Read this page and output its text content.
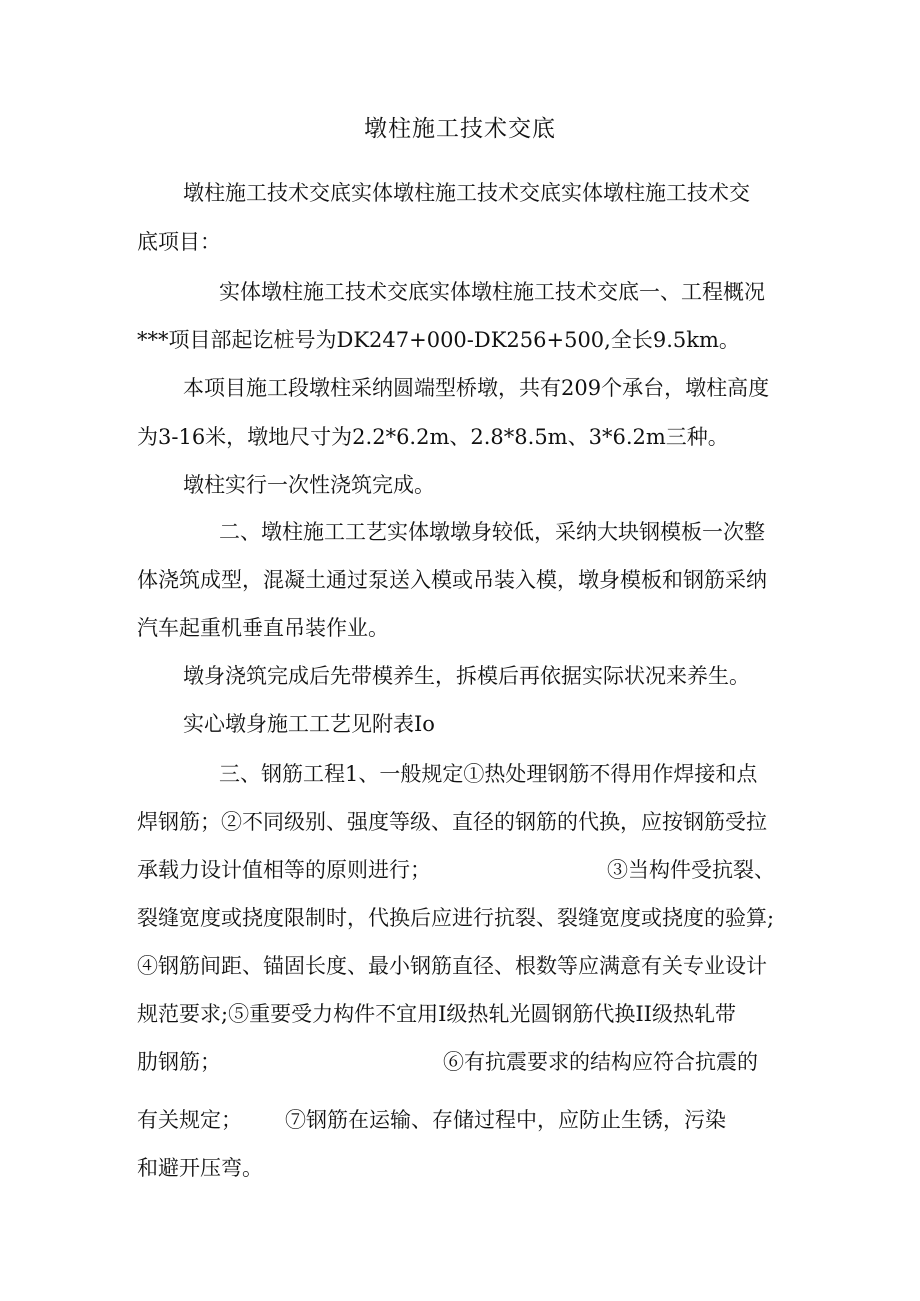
墩柱施工技术交底
墩柱施工技术交底实体墩柱施工技术交底实体墩柱施工技术交
底项目：
实体墩柱施工技术交底实体墩柱施工技术交底一、工程概况
***项目部起讫桩号为DK247+000-DK256+500,全长9.5km。
本项目施工段墩柱采纳圆端型桥墩，共有209个承台，墩柱高度
为3-16米，墩地尺寸为2.2*6.2m、2.8*8.5m、3*6.2m三种。
墩柱实行一次性浇筑完成。
二、墩柱施工工艺实体墩墩身较低，采纳大块钢模板一次整
体浇筑成型，混凝土通过泵送入模或吊装入模，墩身模板和钢筋采纳
汽车起重机垂直吊装作业。
墩身浇筑完成后先带模养生，拆模后再依据实际状况来养生。
实心墩身施工工艺见附表Io
三、钢筋工程1、一般规定①热处理钢筋不得用作焊接和点
焊钢筋；②不同级别、强度等级、直径的钢筋的代换，应按钢筋受拉
承载力设计值相等的原则进行；	③当构件受抗裂、
裂缝宽度或挠度限制时，代换后应进行抗裂、裂缝宽度或挠度的验算;
④钢筋间距、锚固长度、最小钢筋直径、根数等应满意有关专业设计
规范要求;⑤重要受力构件不宜用I级热轧光圆钢筋代换II级热轧带
肋钢筋；	⑥有抗震要求的结构应符合抗震的
有关规定； ⑦钢筋在运输、存储过程中，应防止生锈，污染
和避开压弯。
